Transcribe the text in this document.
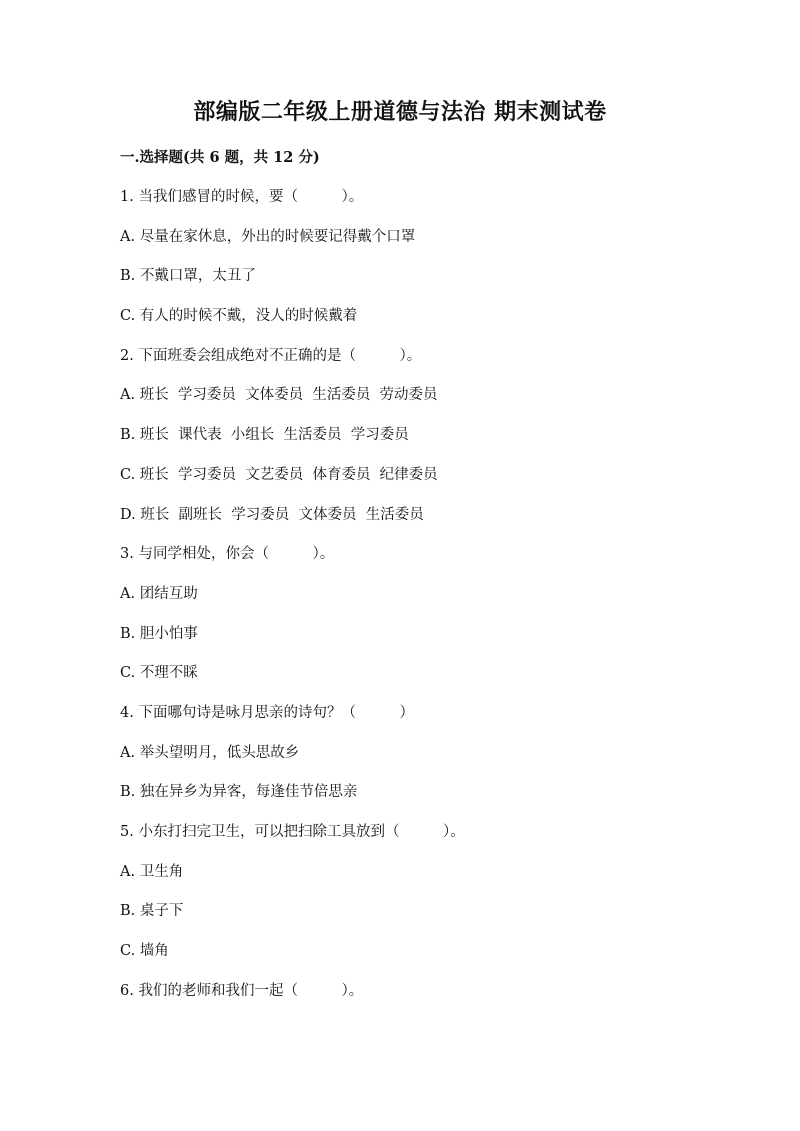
部编版二年级上册道德与法治 期末测试卷
一.选择题(共 6 题，共 12 分)
1. 当我们感冒的时候，要（　　　）。
A. 尽量在家休息，外出的时候要记得戴个口罩
B. 不戴口罩，太丑了
C. 有人的时候不戴，没人的时候戴着
2. 下面班委会组成绝对不正确的是（　　　）。
A. 班长  学习委员  文体委员  生活委员  劳动委员
B. 班长  课代表  小组长  生活委员  学习委员
C. 班长  学习委员  文艺委员  体育委员  纪律委员
D. 班长  副班长  学习委员  文体委员  生活委员
3. 与同学相处，你会（　　　）。
A. 团结互助
B. 胆小怕事
C. 不理不睬
4. 下面哪句诗是咏月思亲的诗句？（　　　）
A. 举头望明月，低头思故乡
B. 独在异乡为异客，每逢佳节倍思亲
5. 小东打扫完卫生，可以把扫除工具放到（　　　）。
A. 卫生角
B. 桌子下
C. 墙角
6. 我们的老师和我们一起（　　　）。
